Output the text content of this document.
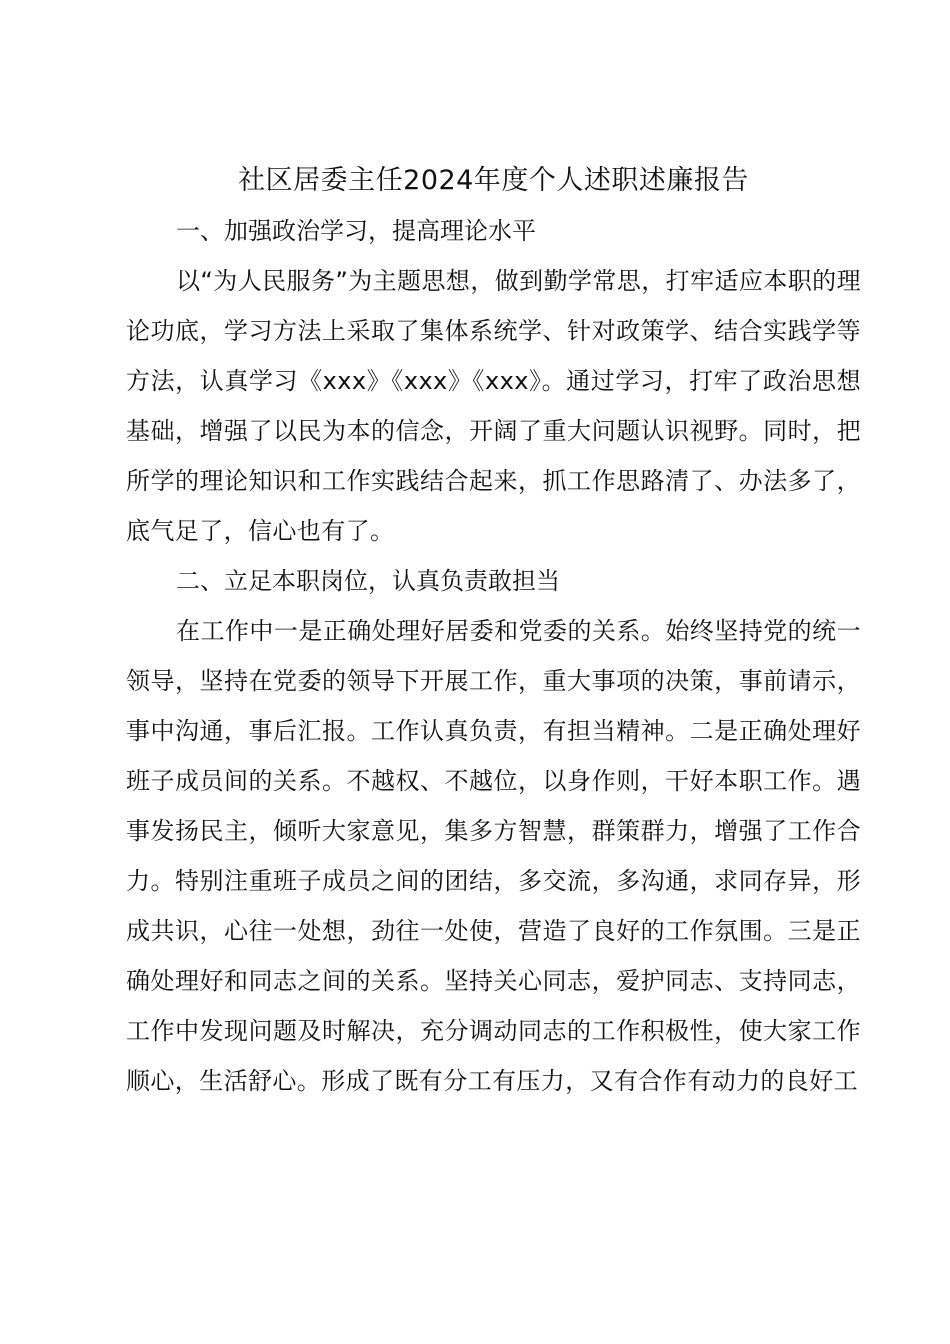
社区居委主任2024年度个人述职述廉报告
一、加强政治学习，提高理论水平

以“为人民服务”为主题思想，做到勤学常思，打牢适应本职的理论功底，学习方法上采取了集体系统学、针对政策学、结合实践学等方法，认真学习《xxx》《xxx》《xxx》。通过学习，打牢了政治思想基础，增强了以民为本的信念，开阔了重大问题认识视野。同时，把所学的理论知识和工作实践结合起来，抓工作思路清了、办法多了，底气足了，信心也有了。

二、立足本职岗位，认真负责敢担当

在工作中一是正确处理好居委和党委的关系。始终坚持党的统一领导，坚持在党委的领导下开展工作，重大事项的决策，事前请示，事中沟通，事后汇报。工作认真负责，有担当精神。二是正确处理好班子成员间的关系。不越权、不越位，以身作则，干好本职工作。遇事发扬民主，倾听大家意见，集多方智慧，群策群力，增强了工作合力。特别注重班子成员之间的团结，多交流，多沟通，求同存异，形成共识，心往一处想，劲往一处使，营造了良好的工作氛围。三是正确处理好和同志之间的关系。坚持关心同志，爱护同志、支持同志，工作中发现问题及时解决，充分调动同志的工作积极性，使大家工作顺心，生活舒心。形成了既有分工有压力，又有合作有动力的良好工
